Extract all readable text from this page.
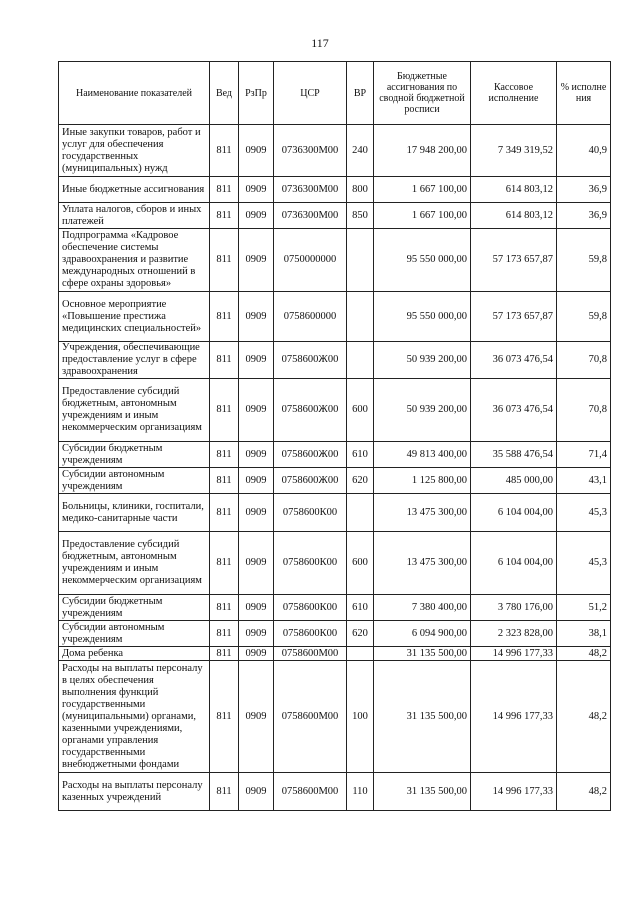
117
Наименование показателей	Вед	РзПр	ЦСР	ВР	Бюджетные ассигнования по сводной бюджетной росписи	Кассовое исполнение	% исполне ния
Иные закупки товаров, работ и услуг для обеспечения государственных (муниципальных) нужд	811	0909	0736300М00	240	17 948 200,00	7 349 319,52	40,9
Иные бюджетные ассигнования	811	0909	0736300М00	800	1 667 100,00	614 803,12	36,9
Уплата налогов, сборов и иных платежей	811	0909	0736300М00	850	1 667 100,00	614 803,12	36,9
Подпрограмма «Кадровое обеспечение системы здравоохранения и развитие международных отношений в сфере охраны здоровья»	811	0909	0750000000		95 550 000,00	57 173 657,87	59,8
Основное мероприятие «Повышение престижа медицинских специальностей»	811	0909	0758600000		95 550 000,00	57 173 657,87	59,8
Учреждения, обеспечивающие предоставление услуг в сфере здравоохранения	811	0909	0758600Ж00		50 939 200,00	36 073 476,54	70,8
Предоставление субсидий бюджетным, автономным учреждениям и иным некоммерческим организациям	811	0909	0758600Ж00	600	50 939 200,00	36 073 476,54	70,8
Субсидии бюджетным учреждениям	811	0909	0758600Ж00	610	49 813 400,00	35 588 476,54	71,4
Субсидии автономным учреждениям	811	0909	0758600Ж00	620	1 125 800,00	485 000,00	43,1
Больницы, клиники, госпитали, медико-санитарные части	811	0909	0758600К00		13 475 300,00	6 104 004,00	45,3
Предоставление субсидий бюджетным, автономным учреждениям и иным некоммерческим организациям	811	0909	0758600К00	600	13 475 300,00	6 104 004,00	45,3
Субсидии бюджетным учреждениям	811	0909	0758600К00	610	7 380 400,00	3 780 176,00	51,2
Субсидии автономным учреждениям	811	0909	0758600К00	620	6 094 900,00	2 323 828,00	38,1
Дома ребенка	811	0909	0758600М00		31 135 500,00	14 996 177,33	48,2
Расходы на выплаты персоналу в целях обеспечения выполнения функций государственными (муниципальными) органами, казенными учреждениями, органами управления государственными внебюджетными фондами	811	0909	0758600М00	100	31 135 500,00	14 996 177,33	48,2
Расходы на выплаты персоналу казенных учреждений	811	0909	0758600М00	110	31 135 500,00	14 996 177,33	48,2
